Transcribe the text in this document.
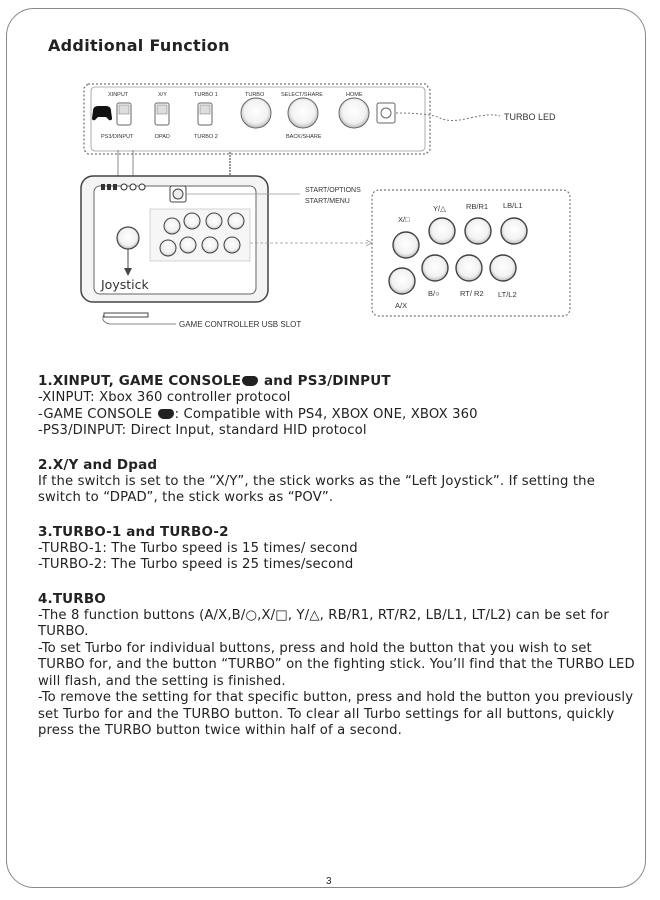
Additional Function
XINPUT	X/Y	TURBO 1	TURBO	SELECT/SHARE	HOME
PS3/DINPUT	DPAD	TURBO 2	BACK/SHARE
TURBO LED
Joystick
START/OPTIONS
START/MENU
X/□
Y/△	RB/R1 LB/L1
B/○	RT/ R2 LT/L2
A/X
GAME CONTROLLER USB SLOT
1.XINPUT, GAME CONSOLE and PS3/DINPUT

-XINPUT: Xbox 360 controller protocol

-GAME CONSOLE : Compatible with PS4, XBOX ONE, XBOX 360

-PS3/DINPUT: Direct Input, standard HID protocol

2.X/Y and Dpad

If the switch is set to the “X/Y”, the stick works as the “Left Joystick”. If setting the switch to “DPAD”, the stick works as “POV”.

3.TURBO-1 and TURBO-2

-TURBO-1: The Turbo speed is 15 times/ second

-TURBO-2: The Turbo speed is 25 times/second

4.TURBO

-The 8 function buttons (A/X,B/○,X/□, Y/△, RB/R1, RT/R2, LB/L1, LT/L2) can be set for TURBO.

-To set Turbo for individual buttons, press and hold the button that you wish to set TURBO for, and the button “TURBO” on the fighting stick. You’ll find that the TURBO LED will flash, and the setting is finished.

-To remove the setting for that specific button, press and hold the button you previously set Turbo for and the TURBO button. To clear all Turbo settings for all buttons, quickly press the TURBO button twice within half of a second.

3
